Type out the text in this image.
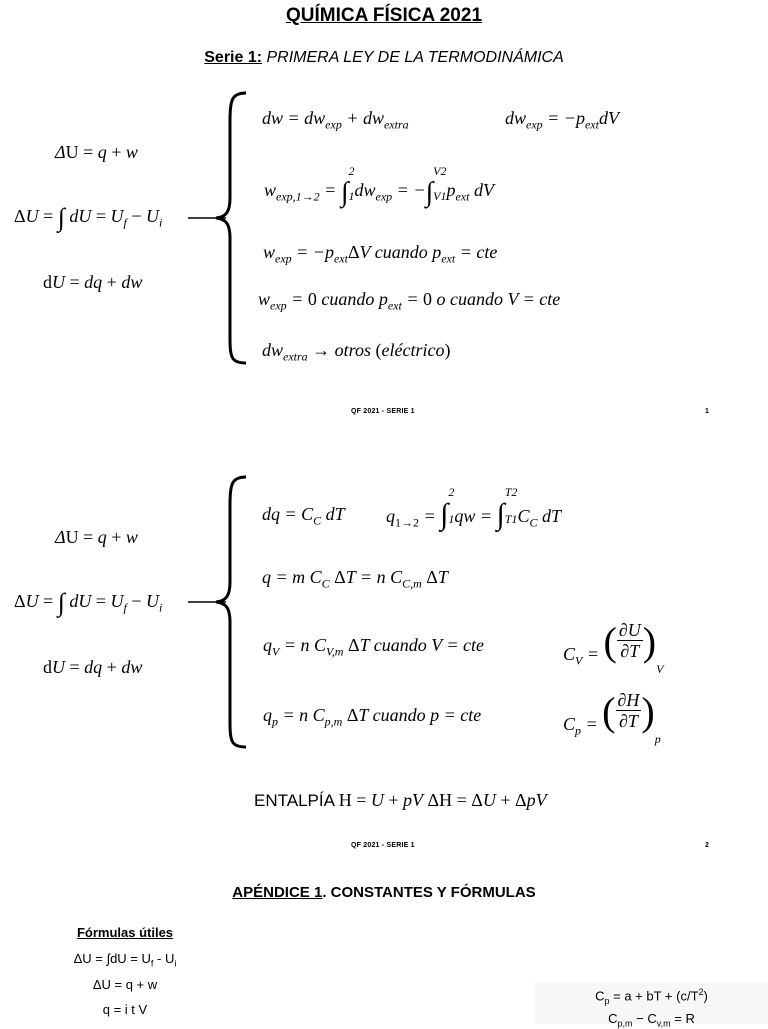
QUÍMICA FÍSICA 2021
Serie 1: PRIMERA LEY DE LA TERMODINÁMICA
ΔU = q + w
ΔU = ∫ dU = $U_f - U_i$
dU = dq + dw
dw = $dw_{exp} + dw_{extra}$	$dw_{exp} = -p_{ext}dV$
$w_{exp,1\to 2}$ = ∫
2
1 $dw_{exp}$ = −∫
V2
V1 $p_{ext}$ dV
$w_{exp} = -p_{ext}\Delta V$ cuando $p_{ext}$ = cte
$w_{exp} = 0$ cuando $p_{ext} = 0$ o cuando V = cte
$dw_{extra}$ → otros (eléctrico)
QF 2021 - SERIE 1	1
ΔU = q + w
ΔU = ∫ dU = $U_f - U_i$
dU = dq + dw
dq = $C_C$ dT $q_{1\to 2}$ = ∫
2
1 qw = ∫
T2
T1 $C_C$ dT
q = m $C_C$ ΔT = n $C_{C,m}$ ΔT
$q_V = n$ $C_{V,m}$ ΔT cuando V = cte	$C_V$ = ( $\frac{\partial U}{\partial T} )_V$
$q_p = n$ $C_{p,m}$ ΔT cuando p = cte	$C_p$ = ( $\frac{\partial H}{\partial T} )_p$
ENTALPÍA H = U + pV ΔH = ΔU + ΔpV
QF 2021 - SERIE 1	2
APÉNDICE 1. CONSTANTES Y FÓRMULAS
Fórmulas útiles
$\Delta U = \int dU = U_f - U_i$
ΔU = q + w
q = i t V
$C_p = a$ + bT + $(c/T^2)$
$C_{p,m} - C_{v,m} = R$
